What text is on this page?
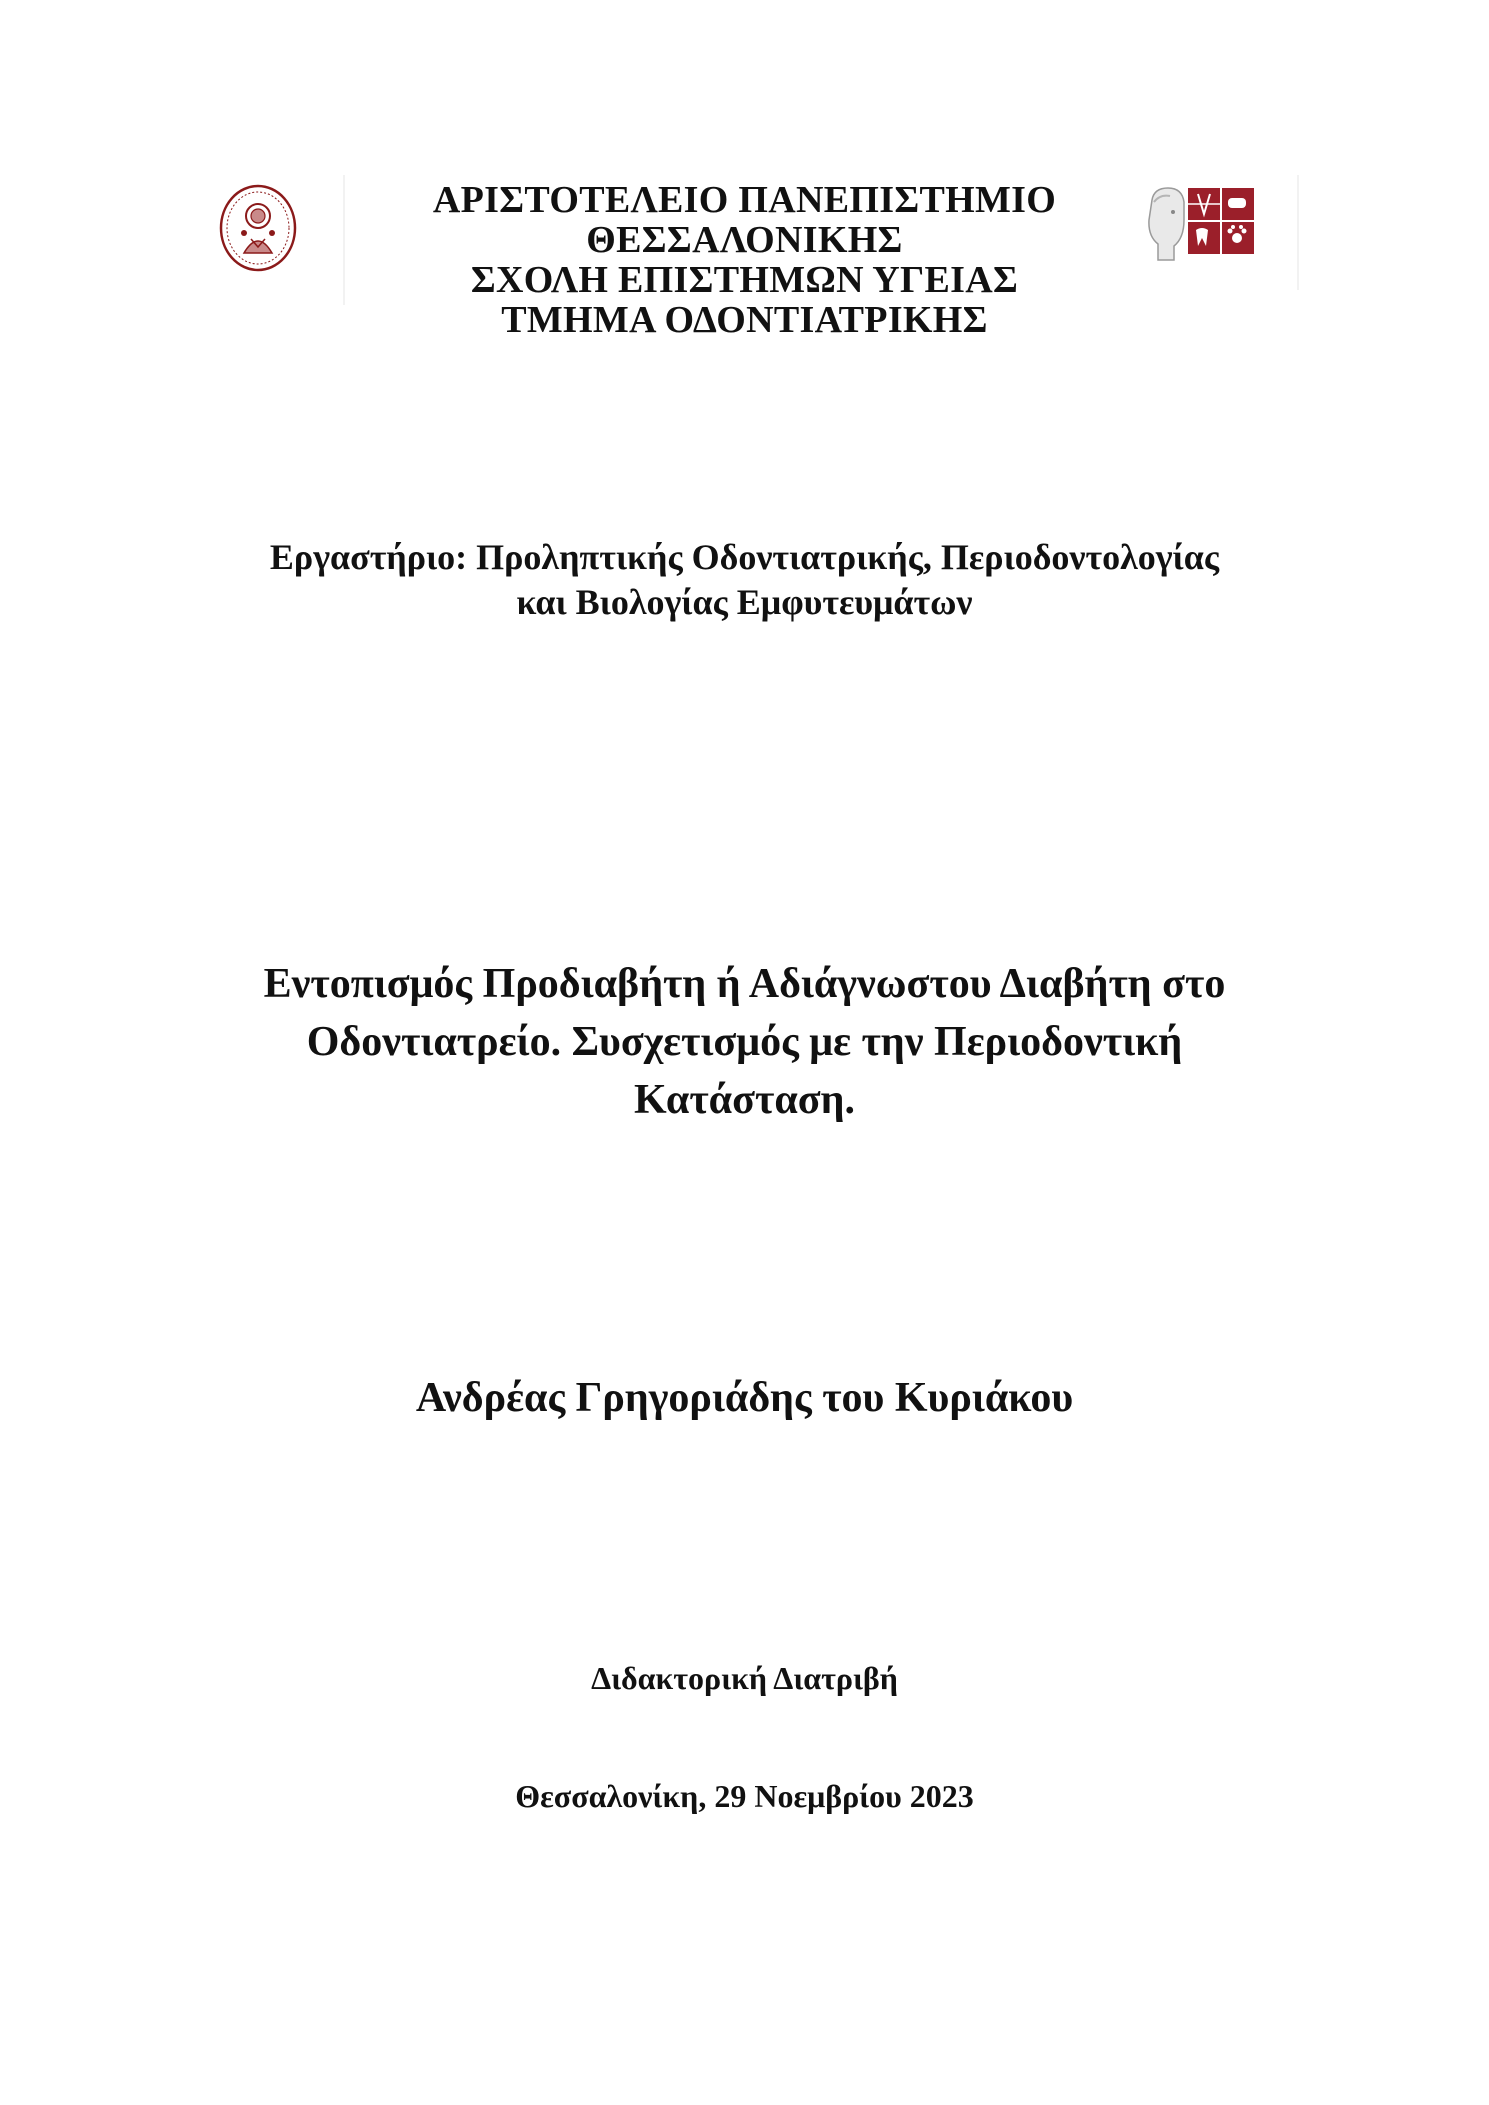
ΑΡΙΣΤΟΤΕΛΕΙΟ ΠΑΝΕΠΙΣΤΗΜΙΟ
ΘΕΣΣΑΛΟΝΙΚΗΣ
ΣΧΟΛΗ ΕΠΙΣΤΗΜΩΝ ΥΓΕΙΑΣ
ΤΜΗΜΑ ΟΔΟΝΤΙΑΤΡΙΚΗΣ
Εργαστήριο: Προληπτικής Οδοντιατρικής, Περιοδοντολογίας
και Βιολογίας Εμφυτευμάτων
Εντοπισμός Προδιαβήτη ή Αδιάγνωστου Διαβήτη στο
Οδοντιατρείο. Συσχετισμός με την Περιοδοντική
Κατάσταση.
Ανδρέας Γρηγοριάδης του Κυριάκου
Διδακτορική Διατριβή
Θεσσαλονίκη, 29 Νοεμβρίου 2023
